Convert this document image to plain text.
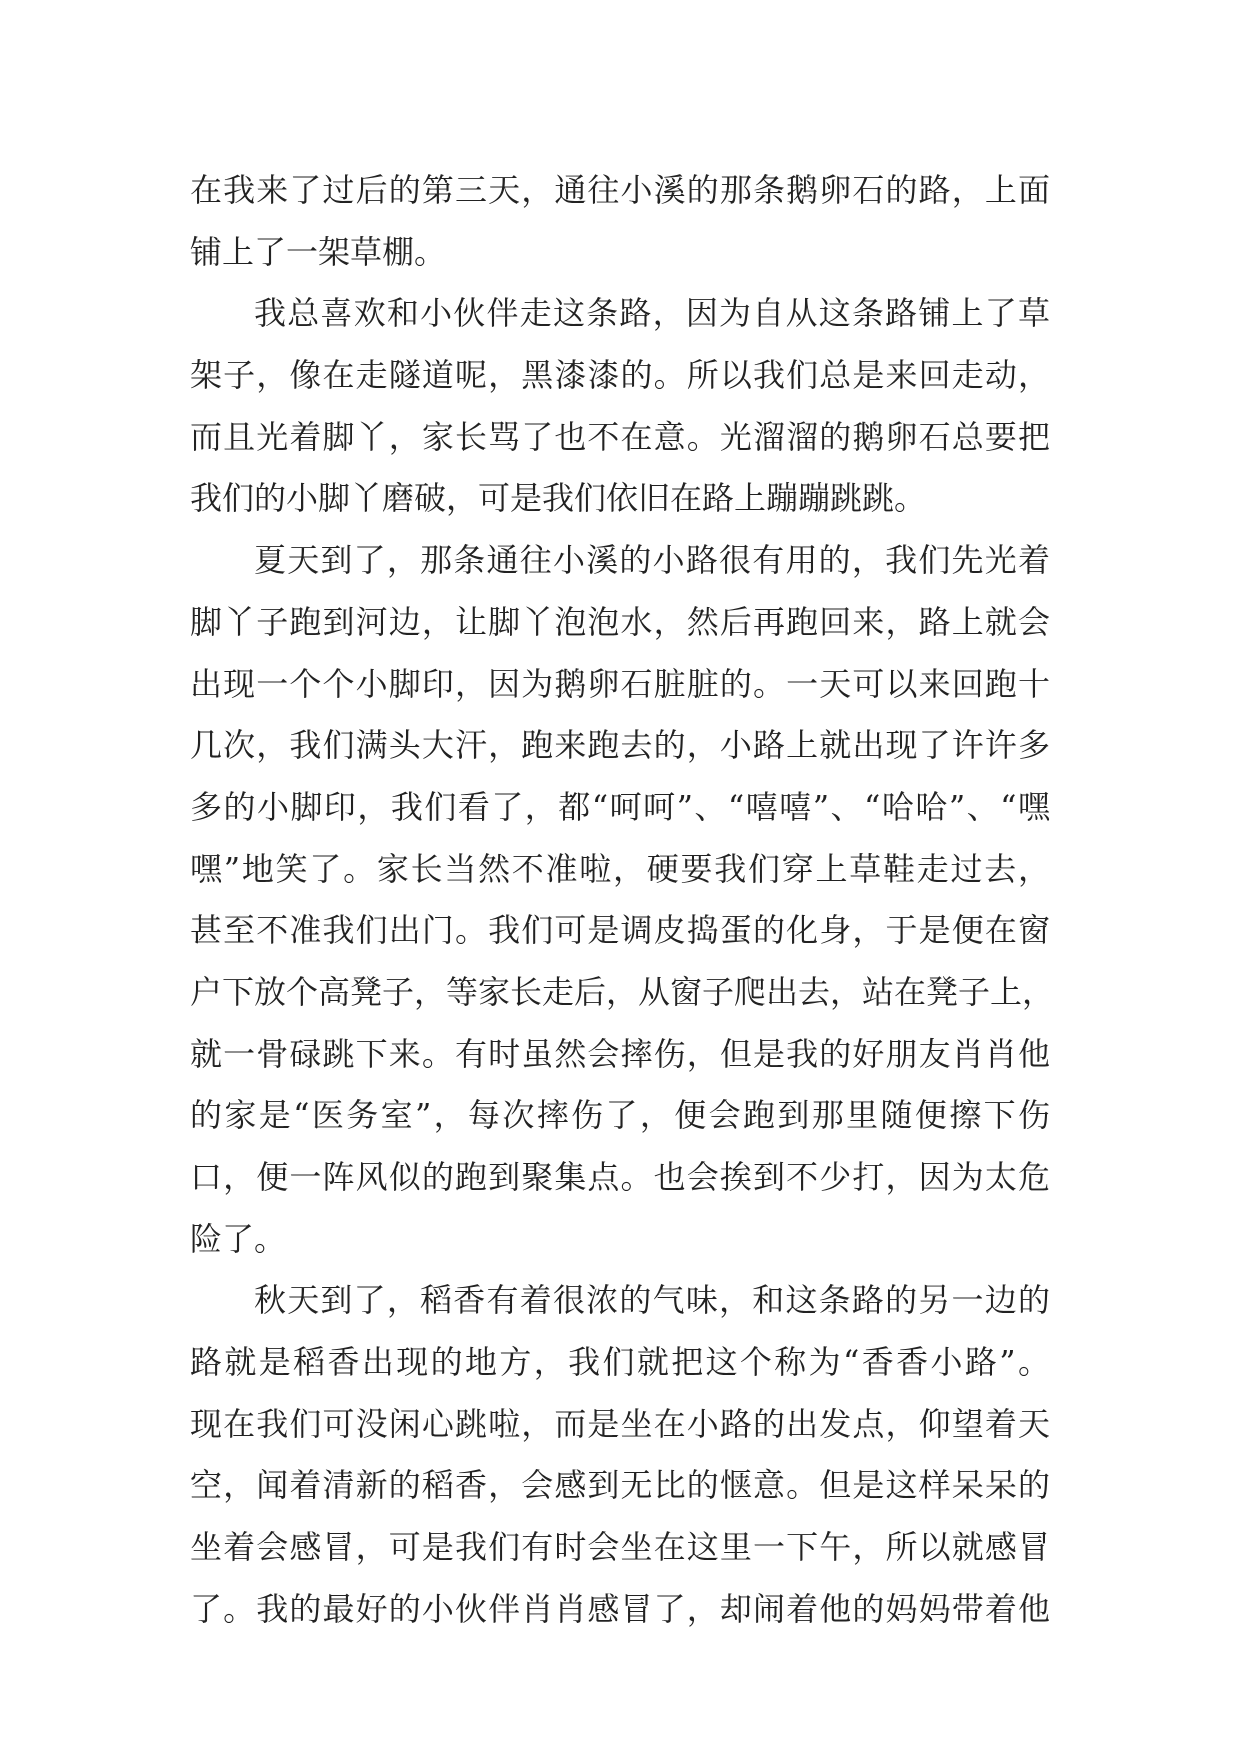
在我来了过后的第三天，通往小溪的那条鹅卵石的路，上面
铺上了一架草棚。
我总喜欢和小伙伴走这条路，因为自从这条路铺上了草
架子，像在走隧道呢，黑漆漆的。所以我们总是来回走动，
而且光着脚丫，家长骂了也不在意。光溜溜的鹅卵石总要把
我们的小脚丫磨破，可是我们依旧在路上蹦蹦跳跳。
夏天到了，那条通往小溪的小路很有用的，我们先光着
脚丫子跑到河边，让脚丫泡泡水，然后再跑回来，路上就会
出现一个个小脚印，因为鹅卵石脏脏的。一天可以来回跑十
几次，我们满头大汗，跑来跑去的，小路上就出现了许许多
多的小脚印，我们看了，都“呵呵”、“嘻嘻”、“哈哈”、“嘿
嘿”地笑了。家长当然不准啦，硬要我们穿上草鞋走过去，
甚至不准我们出门。我们可是调皮捣蛋的化身，于是便在窗
户下放个高凳子，等家长走后，从窗子爬出去，站在凳子上，
就一骨碌跳下来。有时虽然会摔伤，但是我的好朋友肖肖他
的家是“医务室”，每次摔伤了，便会跑到那里随便擦下伤
口，便一阵风似的跑到聚集点。也会挨到不少打，因为太危
险了。
秋天到了，稻香有着很浓的气味，和这条路的另一边的
路就是稻香出现的地方，我们就把这个称为“香香小路”。
现在我们可没闲心跳啦，而是坐在小路的出发点，仰望着天
空，闻着清新的稻香，会感到无比的惬意。但是这样呆呆的
坐着会感冒，可是我们有时会坐在这里一下午，所以就感冒
了。我的最好的小伙伴肖肖感冒了，却闹着他的妈妈带着他
